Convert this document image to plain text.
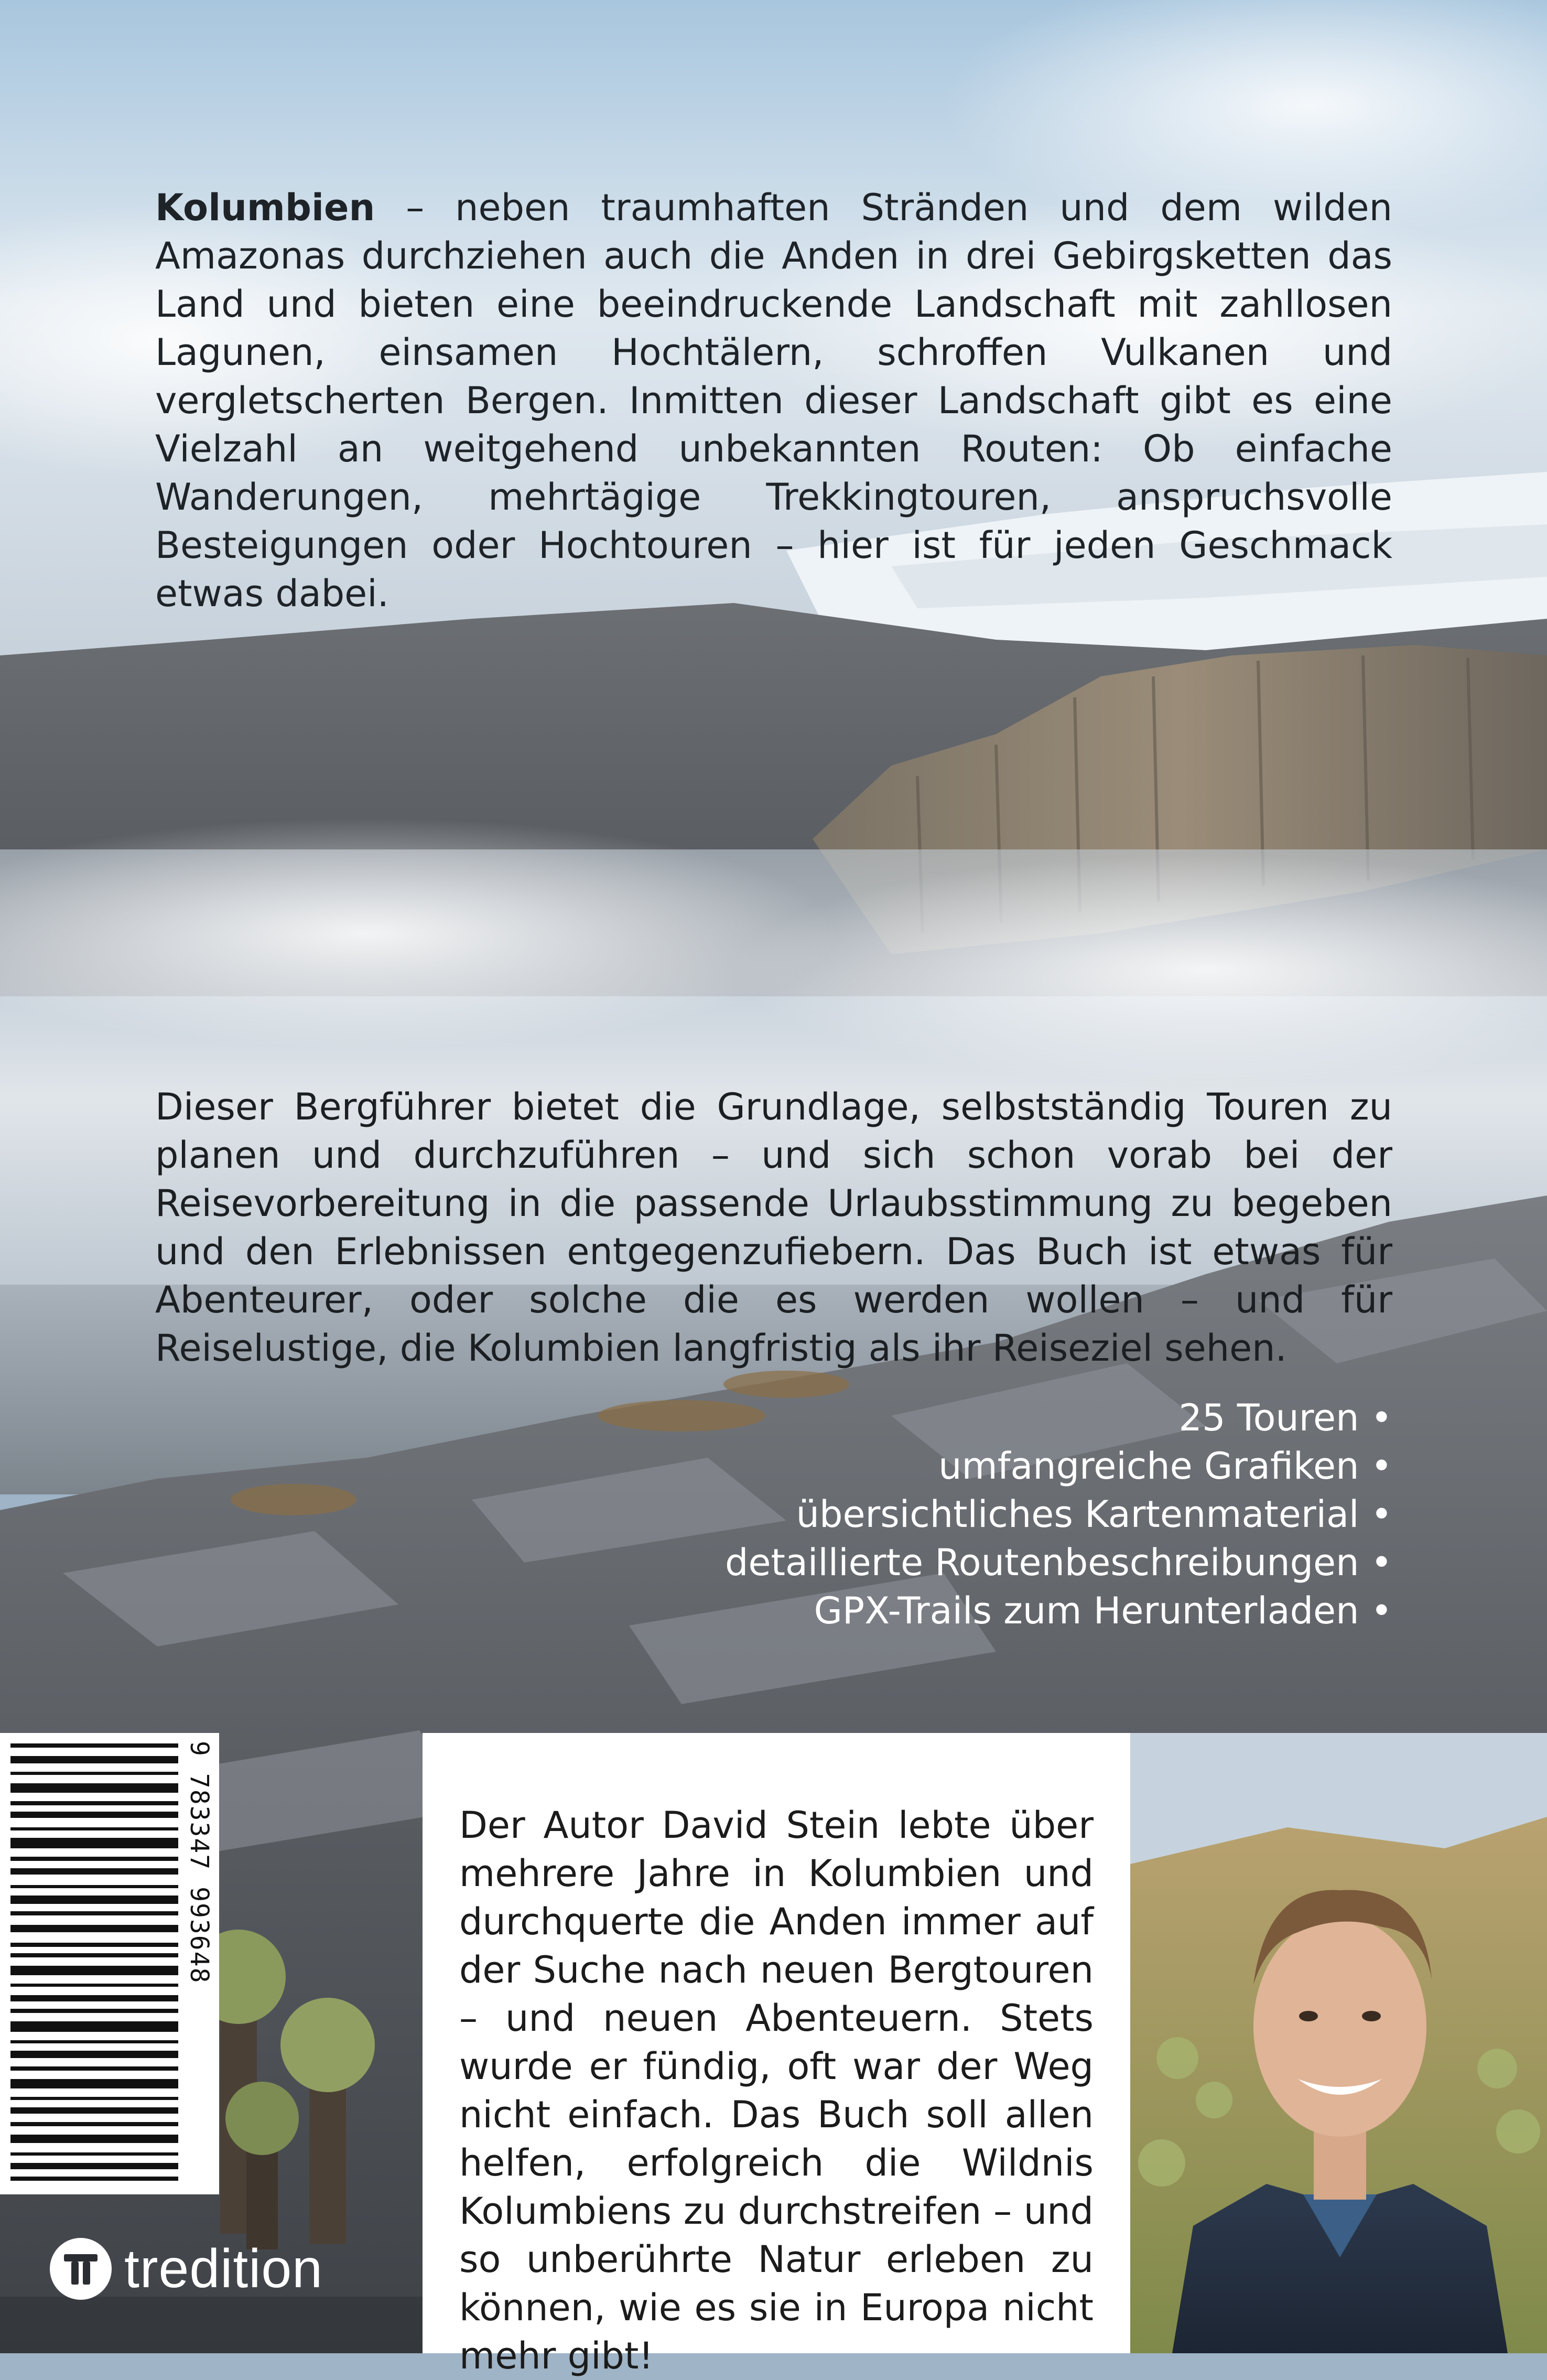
Kolumbien – neben traumhaften Stränden und dem wilden Amazonas durchziehen auch die Anden in drei Gebirgsketten das Land und bieten eine beeindruckende Landschaft mit zahllosen Lagunen, einsamen Hochtälern, schroffen Vulkanen und vergletscherten Bergen. Inmitten dieser Landschaft gibt es eine Vielzahl an weitgehend unbekannten Routen: Ob einfache Wanderungen, mehrtägige Trekkingtouren, anspruchsvolle Besteigungen oder Hochtouren – hier ist für jeden Geschmack etwas dabei.

Dieser Bergführer bietet die Grundlage, selbstständig Touren zu planen und durchzuführen – und sich schon vorab bei der Reisevorbereitung in die passende Urlaubsstimmung zu begeben und den Erlebnissen entgegenzufiebern. Das Buch ist etwas für Abenteurer, oder solche die es werden wollen – und für Reiselustige, die Kolumbien langfristig als ihr Reiseziel sehen.

25 Touren •
umfangreiche Grafiken •
übersichtliches Kartenmaterial •
detaillierte Routenbeschreibungen •
GPX-Trails zum Herunterladen •

Der Autor David Stein lebte über mehrere Jahre in Kolumbien und durchquerte die Anden immer auf der Suche nach neuen Bergtouren – und neuen Abenteuern. Stets wurde er fündig, oft war der Weg nicht einfach. Das Buch soll allen helfen, erfolgreich die Wildnis Kolumbiens zu durchstreifen – und so unberührte Natur erleben zu können, wie es sie in Europa nicht mehr gibt!

9 783347 993648
tredition
